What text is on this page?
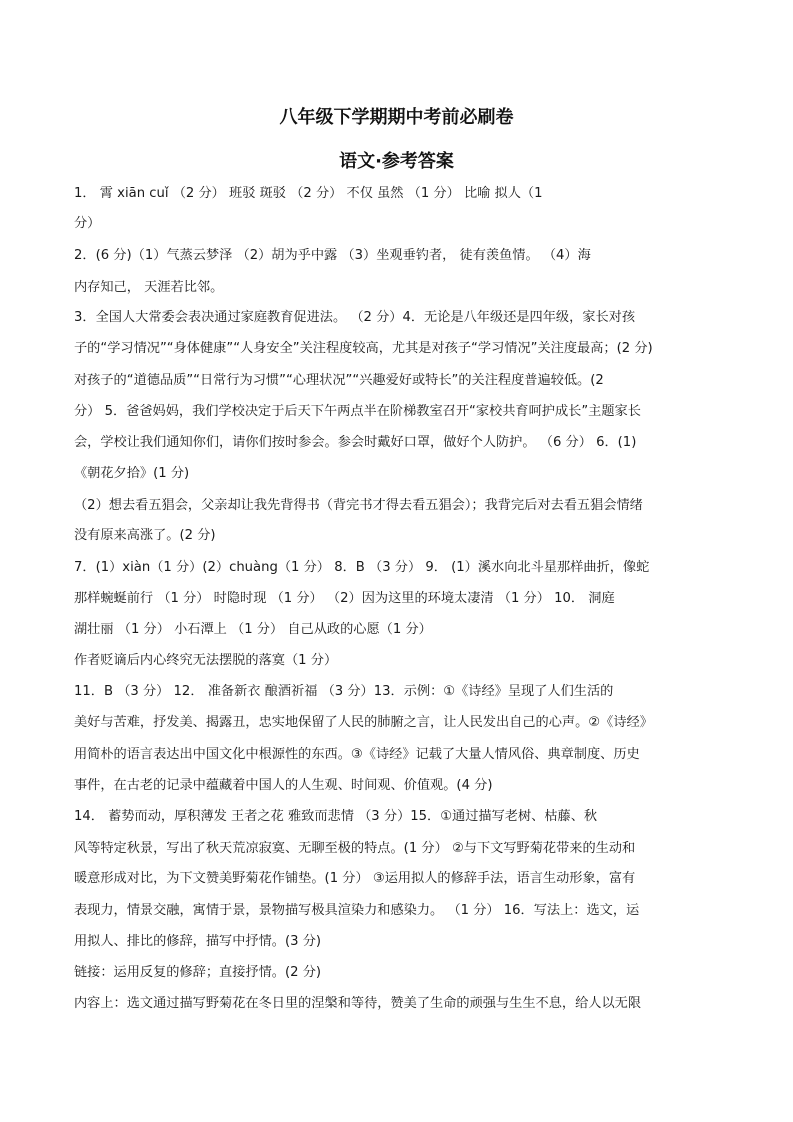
八年级下学期期中考前必刷卷
语文·参考答案
1． 霄 xiān cuǐ （2 分） 班驳 斑驳 （2 分） 不仅 虽然 （1 分） 比喻 拟人（1
分）
2．(6 分)（1）气蒸云梦泽 （2）胡为乎中露 （3）坐观垂钓者， 徒有羡鱼情。 （4）海
内存知己， 天涯若比邻。
3．全国人大常委会表决通过家庭教育促进法。 （2 分）4．无论是八年级还是四年级，家长对孩
子的“学习情况”“身体健康”“人身安全”关注程度较高，尤其是对孩子“学习情况”关注度最高；(2 分)
对孩子的“道德品质”“日常行为习惯”“心理状况”“兴趣爱好或特长”的关注程度普遍较低。(2
分） 5．爸爸妈妈，我们学校决定于后天下午两点半在阶梯教室召开“家校共育呵护成长”主题家长
会，学校让我们通知你们，请你们按时参会。参会时戴好口罩，做好个人防护。 （6 分） 6．(1)
《朝花夕拾》(1 分)
（2）想去看五猖会，父亲却让我先背得书（背完书才得去看五猖会）；我背完后对去看五猖会情绪
没有原来高涨了。(2 分)
7．(1）xiàn（1 分）(2）chuàng（1 分） 8．B （3 分） 9． (1）溪水向北斗星那样曲折，像蛇
那样蜿蜒前行 （1 分） 时隐时现 （1 分） （2）因为这里的环境太凄清 （1 分） 10． 洞庭
湖壮丽 （1 分） 小石潭上 （1 分） 自己从政的心愿（1 分）
作者贬谪后内心终究无法摆脱的落寞（1 分）
11．B （3 分） 12． 准备新衣 酿酒祈福 （3 分）13．示例：①《诗经》呈现了人们生活的
美好与苦难，抒发美、揭露丑，忠实地保留了人民的肺腑之言，让人民发出自己的心声。②《诗经》
用简朴的语言表达出中国文化中根源性的东西。③《诗经》记载了大量人情风俗、典章制度、历史
事件，在古老的记录中蕴藏着中国人的人生观、时间观、价值观。(4 分)
14． 蓄势而动，厚积薄发 王者之花 雅致而悲情 （3 分）15．①通过描写老树、枯藤、秋
风等特定秋景，写出了秋天荒凉寂寞、无聊至极的特点。(1 分） ②与下文写野菊花带来的生动和
暖意形成对比，为下文赞美野菊花作铺垫。(1 分） ③运用拟人的修辞手法，语言生动形象，富有
表现力，情景交融，寓情于景，景物描写极具渲染力和感染力。 （1 分） 16．写法上：选文，运
用拟人、排比的修辞，描写中抒情。(3 分)
链接：运用反复的修辞；直接抒情。(2 分)
内容上：选文通过描写野菊花在冬日里的涅槃和等待，赞美了生命的顽强与生生不息，给人以无限
